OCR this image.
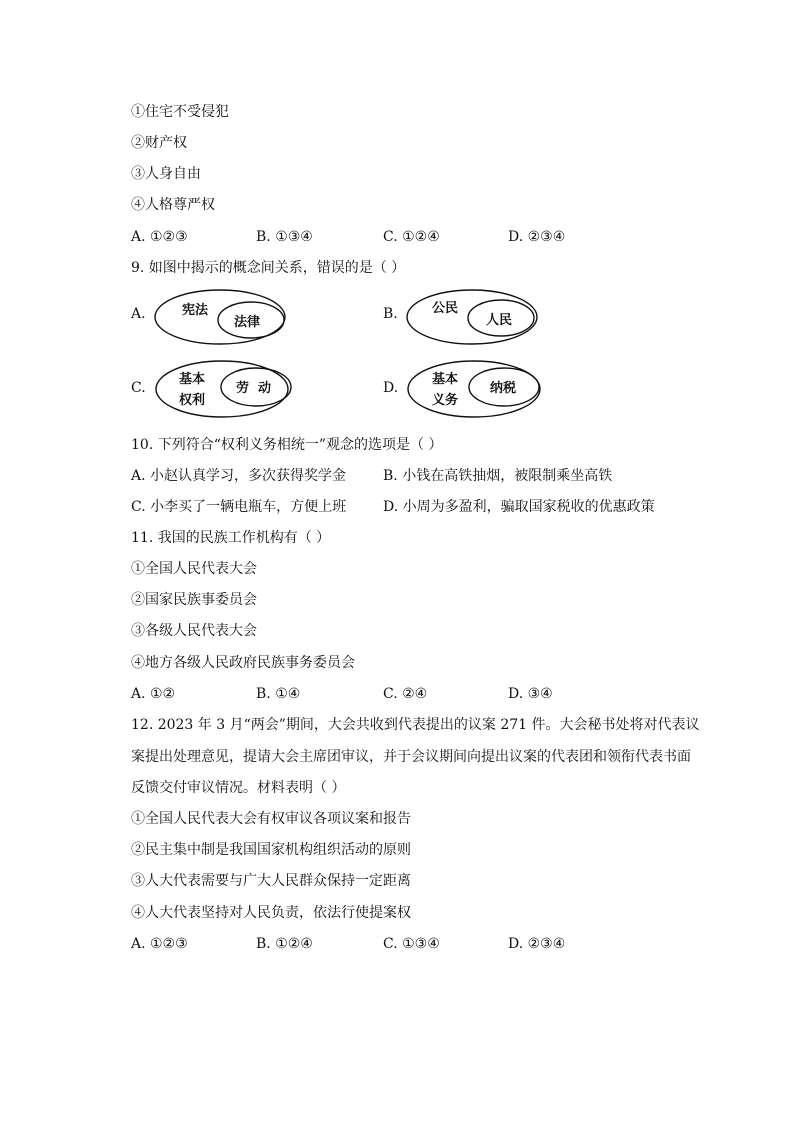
①住宅不受侵犯
②财产权
③人身自由
④人格尊严权
A. ①②③	B. ①③④	C. ①②④	D. ②③④
9. 如图中揭示的概念间关系，错误的是（ ）
A.	宪法
法律
B.	公民
人民
C.
基本
权利
劳  动	D.
基本
义务
纳税
10. 下列符合“权利义务相统一”观念的选项是（ ）
A. 小赵认真学习，多次获得奖学金	B. 小钱在高铁抽烟，被限制乘坐高铁
C. 小李买了一辆电瓶车，方便上班	D. 小周为多盈利，骗取国家税收的优惠政策
11. 我国的民族工作机构有（ ）
①全国人民代表大会
②国家民族事委员会
③各级人民代表大会
④地方各级人民政府民族事务委员会
A. ①②	B. ①④	C. ②④	D. ③④
12. 2023 年 3 月“两会”期间，大会共收到代表提出的议案 271 件。大会秘书处将对代表议
案提出处理意见，提请大会主席团审议，并于会议期间向提出议案的代表团和领衔代表书面
反馈交付审议情况。材料表明（ ）
①全国人民代表大会有权审议各项议案和报告
②民主集中制是我国国家机构组织活动的原则
③人大代表需要与广大人民群众保持一定距离
④人大代表坚持对人民负责，依法行使提案权
A. ①②③	B. ①②④	C. ①③④	D. ②③④
